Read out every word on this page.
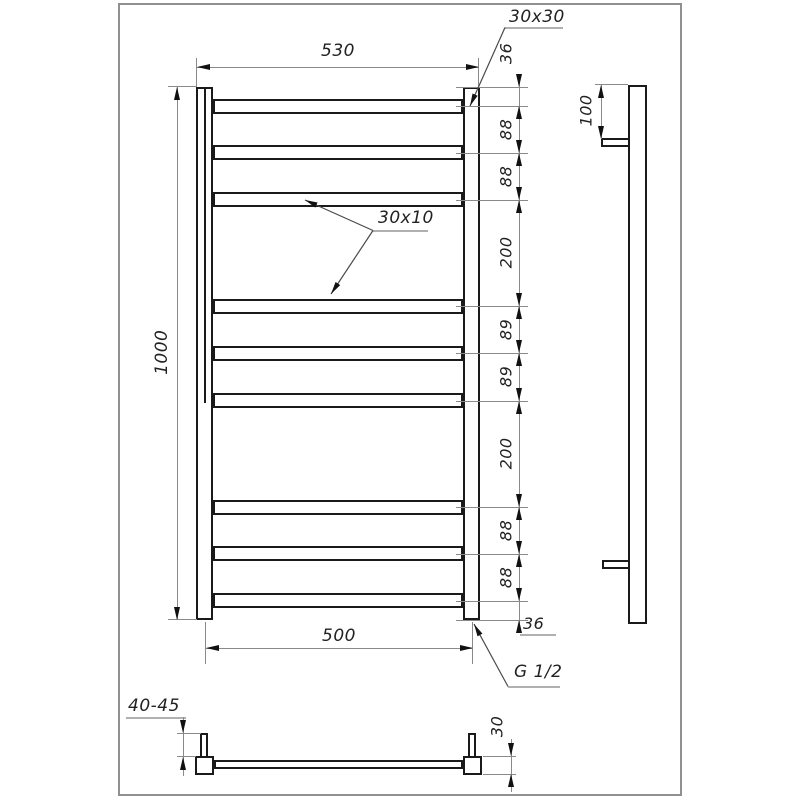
530
1000
500
36
88
88
200
89
89
200
88
88
36
30x30
30x10
G 1/2
100
40-45
30
